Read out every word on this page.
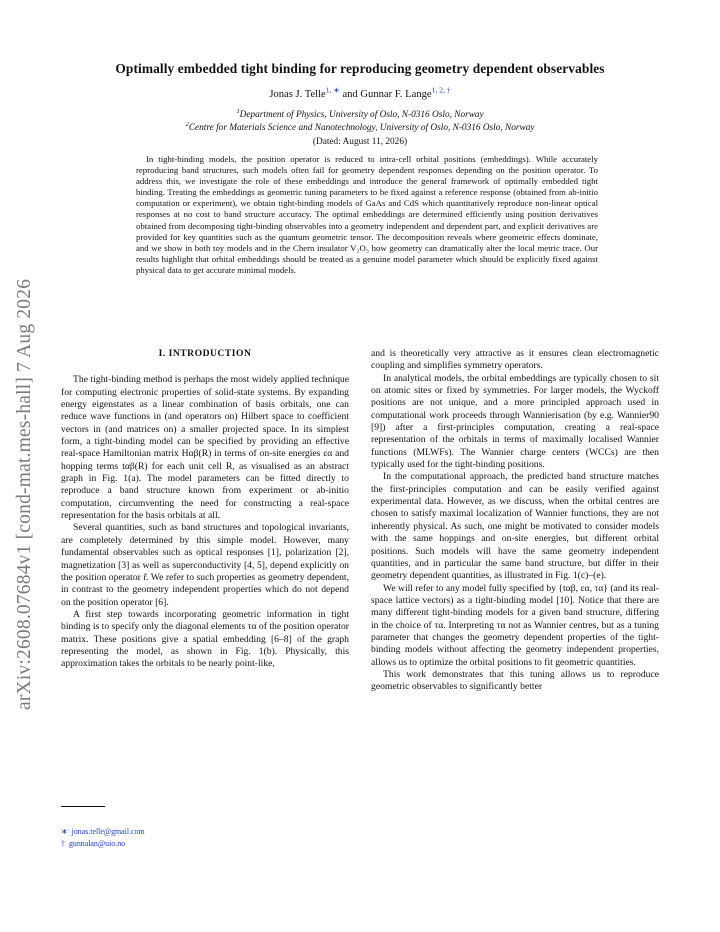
arXiv:2608.07684v1 [cond-mat.mes-hall] 7 Aug 2026
Optimally embedded tight binding for reproducing geometry dependent observables
Jonas J. Telle$^{1, ∗}$ and Gunnar F. Lange$^{1, 2, \dagger}$
$^1$Department of Physics, University of Oslo, N-0316 Oslo, Norway
$^2$Centre for Materials Science and Nanotechnology, University of Oslo, N-0316 Oslo, Norway
(Dated: August 11, 2026)

In tight-binding models, the position operator is reduced to intra-cell orbital positions (embeddings). While accurately reproducing band structures, such models often fail for geometry dependent responses depending on the position operator. To address this, we investigate the role of these embeddings and introduce the general framework of optimally embedded tight binding. Treating the embeddings as geometric tuning parameters to be fixed against a reference response (obtained from ab-initio computation or experiment), we obtain tight-binding models of GaAs and CdS which quantitatively reproduce non-linear optical responses at no cost to band structure accuracy. The optimal embeddings are determined efficiently using position derivatives obtained from decomposing tight-binding observables into a geometry independent and dependent part, and explicit derivatives are provided for key quantities such as the quantum geometric tensor. The decomposition reveals where geometric effects dominate, and we show in both toy models and in the Chern insulator V₂O₃ how geometry can dramatically alter the local metric trace. Our results highlight that orbital embeddings should be treated as a genuine model parameter which should be explicitly fixed against physical data to get accurate minimal models.

I. INTRODUCTION

The tight-binding method is perhaps the most widely applied technique for computing electronic properties of solid-state systems. By expanding energy eigenstates as a linear combination of basis orbitals, one can reduce wave functions in (and operators on) Hilbert space to coefficient vectors in (and matrices on) a smaller projected space. In its simplest form, a tight-binding model can be specified by providing an effective real-space Hamiltonian matrix Hαβ(R) in terms of on-site energies εα and hopping terms tαβ(R) for each unit cell R, as visualised as an abstract graph in Fig. 1(a). The model parameters can be fitted directly to reproduce a band structure known from experiment or ab-initio computation, circumventing the need for constructing a real-space representation for the basis orbitals at all.

Several quantities, such as band structures and topological invariants, are completely determined by this simple model. However, many fundamental observables such as optical responses [1], polarization [2], magnetization [3] as well as superconductivity [4, 5], depend explicitly on the position operator r̂. We refer to such properties as geometry dependent, in contrast to the geometry independent properties which do not depend on the position operator [6].

A first step towards incorporating geometric information in tight binding is to specify only the diagonal elements τα of the position operator matrix. These positions give a spatial embedding [6–8] of the graph representing the model, as shown in Fig. 1(b). Physically, this approximation takes the orbitals to be nearly point-like,

and is theoretically very attractive as it ensures clean electromagnetic coupling and simplifies symmetry operators.

In analytical models, the orbital embeddings are typically chosen to sit on atomic sites or fixed by symmetries. For larger models, the Wyckoff positions are not unique, and a more principled approach used in computational work proceeds through Wannierisation (by e.g. Wannier90 [9]) after a first-principles computation, creating a real-space representation of the orbitals in terms of maximally localised Wannier functions (MLWFs). The Wannier charge centers (WCCs) are then typically used for the tight-binding positions.

In the computational approach, the predicted band structure matches the first-principles computation and can be easily verified against experimental data. However, as we discuss, when the orbital centres are chosen to satisfy maximal localization of Wannier functions, they are not inherently physical. As such, one might be motivated to consider models with the same hoppings and on-site energies, but different orbital positions. Such models will have the same geometry independent quantities, and in particular the same band structure, but differ in their geometry dependent quantities, as illustrated in Fig. 1(c)–(e).

We will refer to any model fully specified by {tαβ, εα, τα} (and its real-space lattice vectors) as a tight-binding model [10]. Notice that there are many different tight-binding models for a given band structure, differing in the choice of τα. Interpreting τα not as Wannier centres, but as a tuning parameter that changes the geometry dependent properties of the tight-binding models without affecting the geometry independent properties, allows us to optimize the orbital positions to fit geometric quantities.

This work demonstrates that this tuning allows us to reproduce geometric observables to significantly better

∗ jonas.telle@gmail.com
† gunnalan@uio.no
